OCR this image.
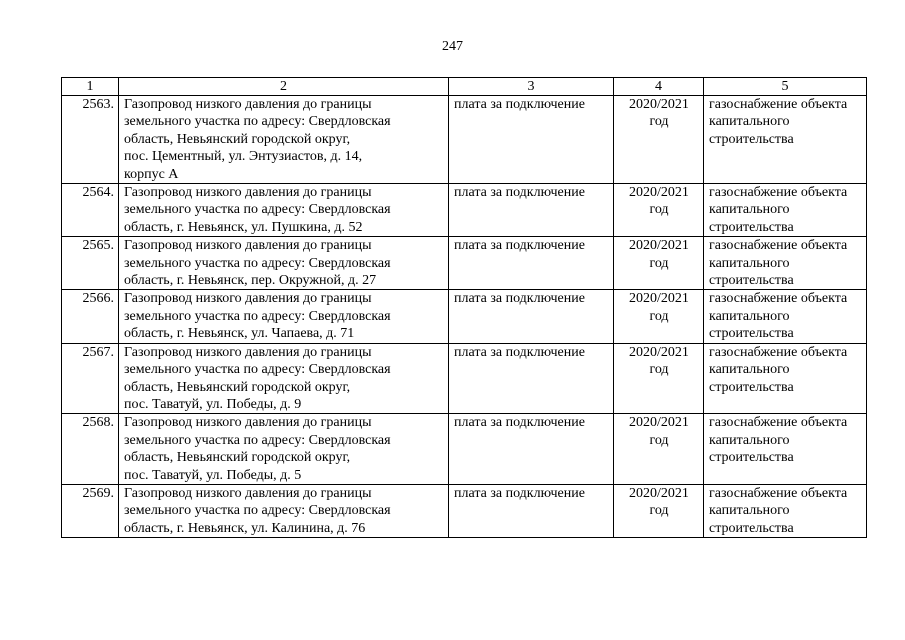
247
1	2	3	4	5
2563.	Газопровод низкого давления до границы
земельного участка по адресу: Свердловская
область, Невьянский городской округ,
пос. Цементный, ул. Энтузиастов, д. 14,
корпус А	плата за подключение	2020/2021
год	газоснабжение объекта
капитального
строительства

2564.	Газопровод низкого давления до границы
земельного участка по адресу: Свердловская
область, г. Невьянск, ул. Пушкина, д. 52	плата за подключение	2020/2021
год	газоснабжение объекта
капитального
строительства

2565.	Газопровод низкого давления до границы
земельного участка по адресу: Свердловская
область, г. Невьянск, пер. Окружной, д. 27	плата за подключение	2020/2021
год	газоснабжение объекта
капитального
строительства

2566.	Газопровод низкого давления до границы
земельного участка по адресу: Свердловская
область, г. Невьянск, ул. Чапаева, д. 71	плата за подключение	2020/2021
год	газоснабжение объекта
капитального
строительства

2567.	Газопровод низкого давления до границы
земельного участка по адресу: Свердловская
область, Невьянский городской округ,
пос. Таватуй, ул. Победы, д. 9	плата за подключение	2020/2021
год	газоснабжение объекта
капитального
строительства

2568.	Газопровод низкого давления до границы
земельного участка по адресу: Свердловская
область, Невьянский городской округ,
пос. Таватуй, ул. Победы, д. 5	плата за подключение	2020/2021
год	газоснабжение объекта
капитального
строительства

2569.	Газопровод низкого давления до границы
земельного участка по адресу: Свердловская
область, г. Невьянск, ул. Калинина, д. 76	плата за подключение	2020/2021
год	газоснабжение объекта
капитального
строительства
